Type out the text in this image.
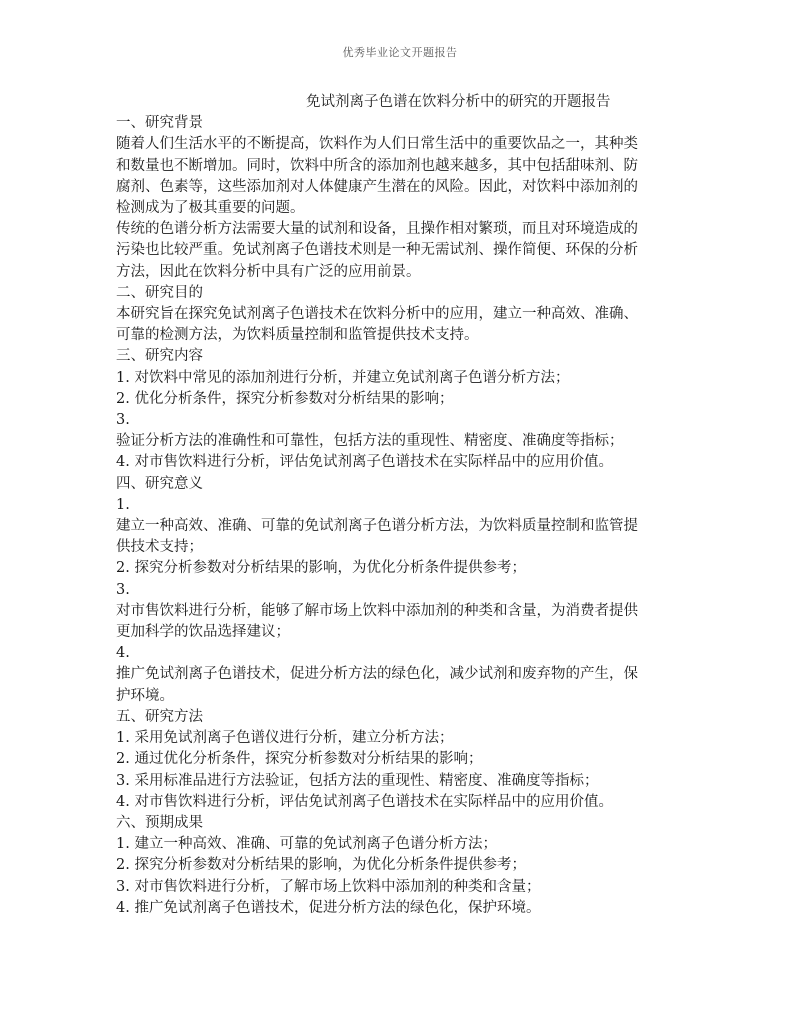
优秀毕业论文开题报告
免试剂离子色谱在饮料分析中的研究的开题报告
一、研究背景
随着人们生活水平的不断提高，饮料作为人们日常生活中的重要饮品之一，其种类
和数量也不断增加。同时，饮料中所含的添加剂也越来越多，其中包括甜味剂、防
腐剂、色素等，这些添加剂对人体健康产生潜在的风险。因此，对饮料中添加剂的
检测成为了极其重要的问题。
传统的色谱分析方法需要大量的试剂和设备，且操作相对繁琐，而且对环境造成的
污染也比较严重。免试剂离子色谱技术则是一种无需试剂、操作简便、环保的分析
方法，因此在饮料分析中具有广泛的应用前景。
二、研究目的
本研究旨在探究免试剂离子色谱技术在饮料分析中的应用，建立一种高效、准确、
可靠的检测方法，为饮料质量控制和监管提供技术支持。
三、研究内容
1. 对饮料中常见的添加剂进行分析，并建立免试剂离子色谱分析方法；
2. 优化分析条件，探究分析参数对分析结果的影响；
3.
验证分析方法的准确性和可靠性，包括方法的重现性、精密度、准确度等指标；
4. 对市售饮料进行分析，评估免试剂离子色谱技术在实际样品中的应用价值。
四、研究意义
1.
建立一种高效、准确、可靠的免试剂离子色谱分析方法，为饮料质量控制和监管提
供技术支持；
2. 探究分析参数对分析结果的影响，为优化分析条件提供参考；
3.
对市售饮料进行分析，能够了解市场上饮料中添加剂的种类和含量，为消费者提供
更加科学的饮品选择建议；
4.
推广免试剂离子色谱技术，促进分析方法的绿色化，减少试剂和废弃物的产生，保
护环境。
五、研究方法
1. 采用免试剂离子色谱仪进行分析，建立分析方法；
2. 通过优化分析条件，探究分析参数对分析结果的影响；
3. 采用标准品进行方法验证，包括方法的重现性、精密度、准确度等指标；
4. 对市售饮料进行分析，评估免试剂离子色谱技术在实际样品中的应用价值。
六、预期成果
1. 建立一种高效、准确、可靠的免试剂离子色谱分析方法；
2. 探究分析参数对分析结果的影响，为优化分析条件提供参考；
3. 对市售饮料进行分析，了解市场上饮料中添加剂的种类和含量；
4. 推广免试剂离子色谱技术，促进分析方法的绿色化，保护环境。
